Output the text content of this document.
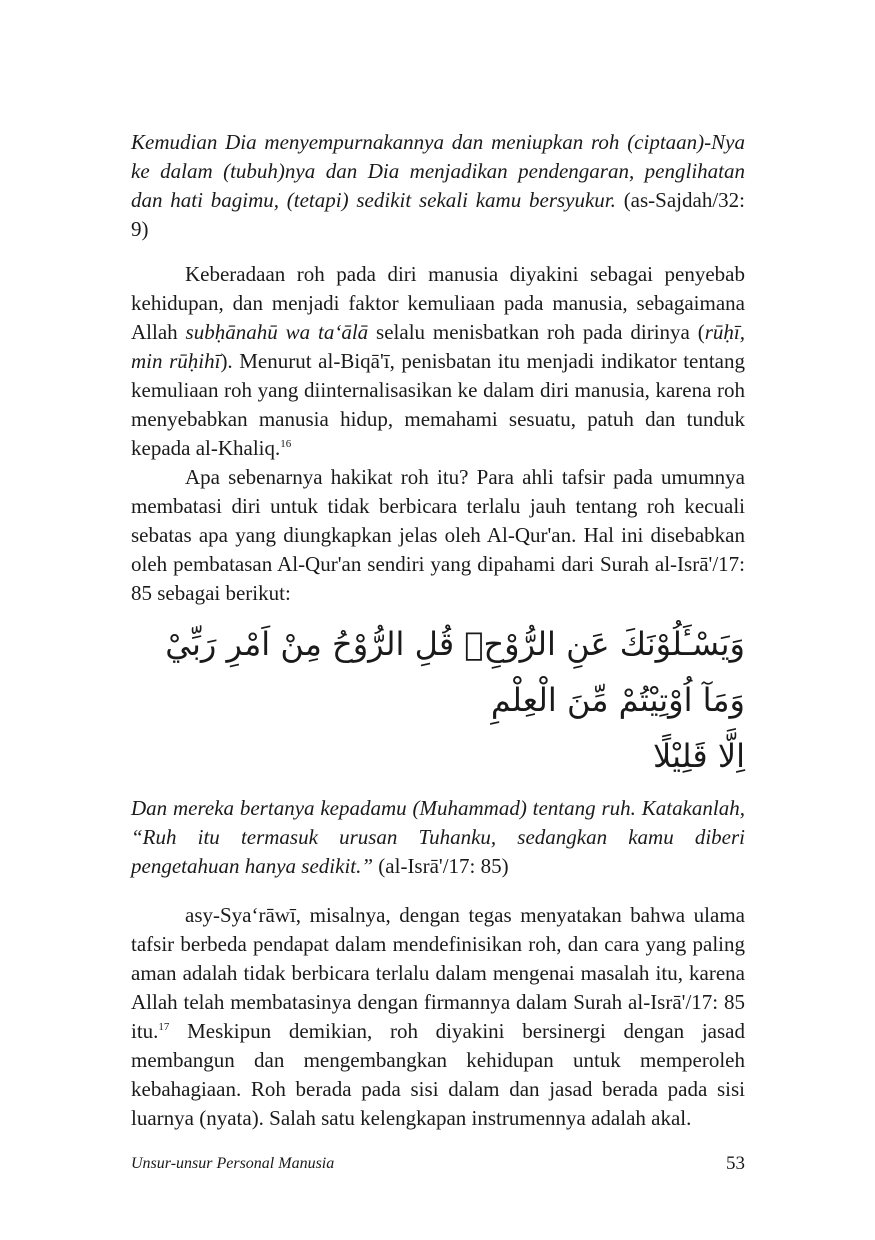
Kemudian Dia menyempurnakannya dan meniupkan roh (ciptaan)-Nya ke dalam (tubuh)nya dan Dia menjadikan pendengaran, penglihatan dan hati bagimu, (tetapi) sedikit sekali kamu bersyukur. (as-Sajdah/32: 9)

Keberadaan roh pada diri manusia diyakini sebagai penyebab kehidupan, dan menjadi faktor kemuliaan pada manusia, sebagaimana Allah subḥānahū wa ta‘ālā selalu menisbatkan roh pada dirinya (rūḥī, min rūḥihī). Menurut al-Biqā'ī, penisbatan itu menjadi indikator tentang kemuliaan roh yang diinternalisasikan ke dalam diri manusia, karena roh menyebabkan manusia hidup, memahami sesuatu, patuh dan tunduk kepada al-Khaliq.$^{16}$

Apa sebenarnya hakikat roh itu? Para ahli tafsir pada umumnya membatasi diri untuk tidak berbicara terlalu jauh tentang roh kecuali sebatas apa yang diungkapkan jelas oleh Al-Qur'an. Hal ini disebabkan oleh pembatasan Al-Qur'an sendiri yang dipahami dari Surah al-Isrā'/17: 85 sebagai berikut:

وَيَسْـَٔلُوْنَكَ عَنِ الرُّوْحِۗ قُلِ الرُّوْحُ مِنْ اَمْرِ رَبِّيْ وَمَآ اُوْتِيْتُمْ مِّنَ الْعِلْمِ
اِلَّا قَلِيْلًا

Dan mereka bertanya kepadamu (Muhammad) tentang ruh. Katakanlah, “Ruh itu termasuk urusan Tuhanku, sedangkan kamu diberi pengetahuan hanya sedikit.” (al-Isrā'/17: 85)

asy-Sya‘rāwī, misalnya, dengan tegas menyatakan bahwa ulama tafsir berbeda pendapat dalam mendefinisikan roh, dan cara yang paling aman adalah tidak berbicara terlalu dalam mengenai masalah itu, karena Allah telah membatasinya dengan firmannya dalam Surah al-Isrā'/17: 85 itu.$^{17}$ Meskipun demikian, roh diyakini bersinergi dengan jasad membangun dan mengembangkan kehidupan untuk memperoleh kebahagiaan. Roh berada pada sisi dalam dan jasad berada pada sisi luarnya (nyata). Salah satu kelengkapan instrumennya adalah akal.

Unsur-unsur Personal Manusia	53
